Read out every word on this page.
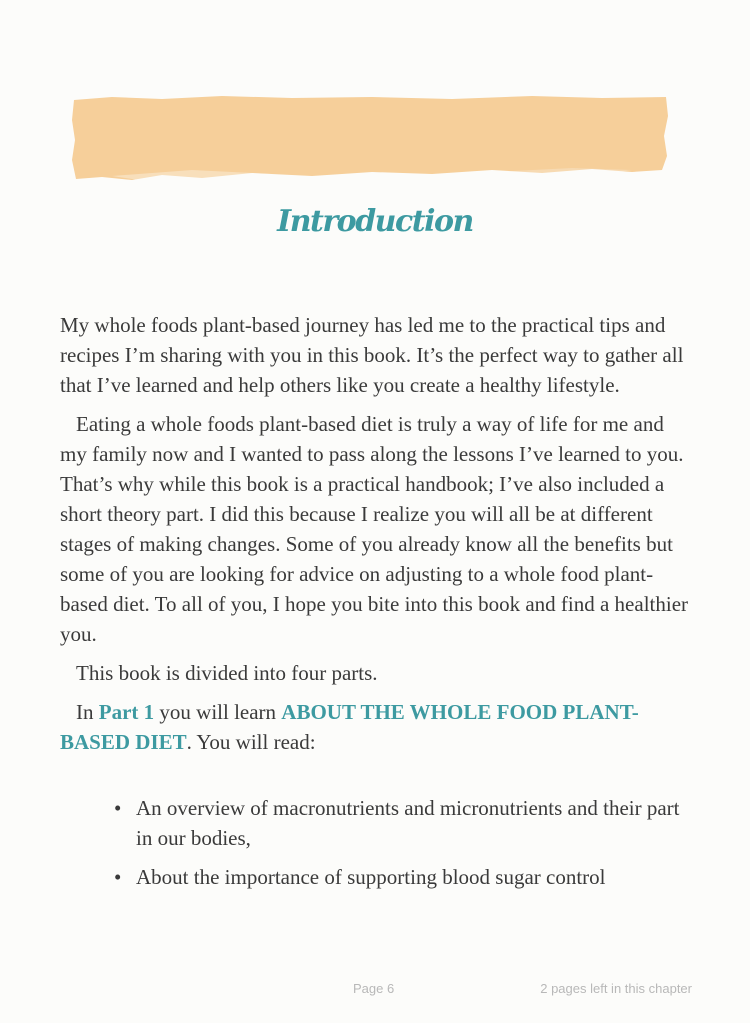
Introduction

My whole foods plant-based journey has led me to the practical tips and recipes I’m sharing with you in this book. It’s the perfect way to gather all that I’ve learned and help others like you create a healthy lifestyle.

Eating a whole foods plant-based diet is truly a way of life for me and my family now and I wanted to pass along the lessons I’ve learned to you. That’s why while this book is a practical handbook; I’ve also included a short theory part. I did this because I realize you will all be at different stages of making changes. Some of you already know all the benefits but some of you are looking for advice on adjusting to a whole food plant-based diet. To all of you, I hope you bite into this book and find a healthier you.

This book is divided into four parts.

In Part 1 you will learn ABOUT THE WHOLE FOOD PLANT-BASED DIET. You will read:

• An overview of macronutrients and micronutrients and their part in our bodies,
• About the importance of supporting blood sugar control
Page 6	2 pages left in this chapter
